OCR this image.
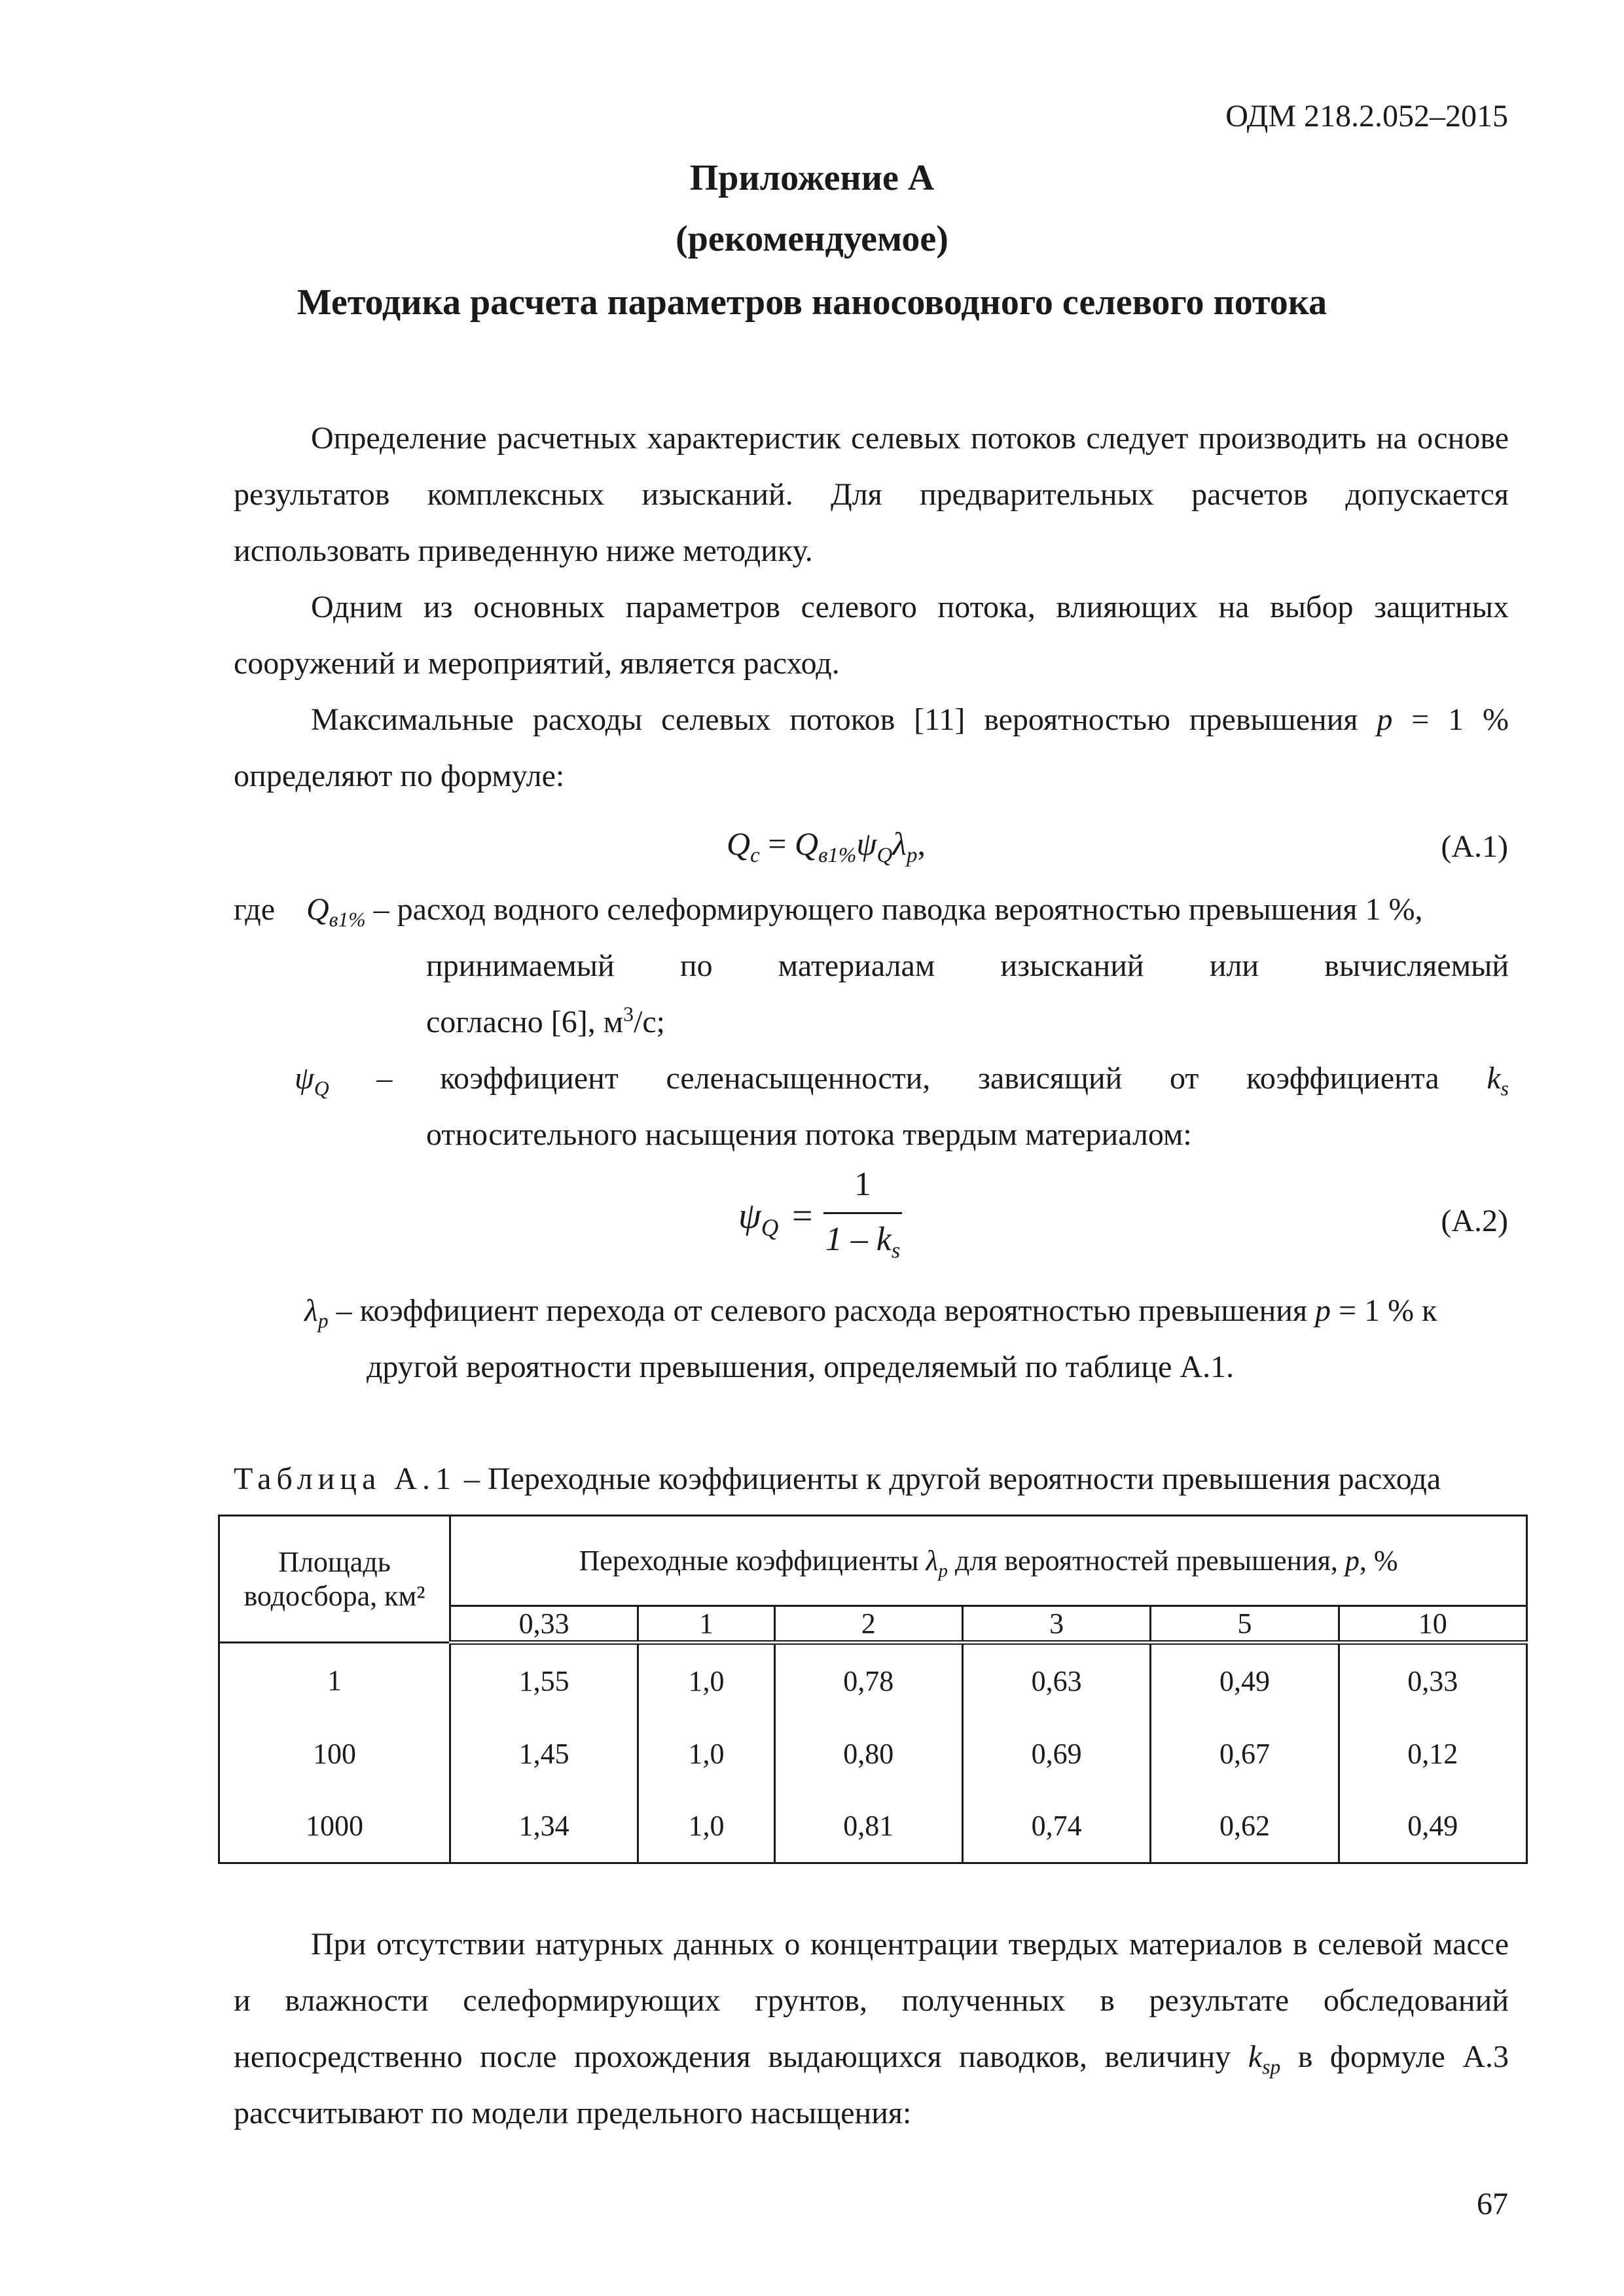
ОДМ 218.2.052–2015
Приложение А
(рекомендуемое)
Методика расчета параметров наносоводного селевого потока

Определение расчетных характеристик селевых потоков следует производить на основе результатов комплексных изысканий. Для предварительных расчетов допускается использовать приведенную ниже методику.

Одним из основных параметров селевого потока, влияющих на выбор защитных сооружений и мероприятий, является расход.

Максимальные расходы селевых потоков [11] вероятностью превышения p = 1 % определяют по формуле:

$Q_c = Q_{в1\%}\psi_Q\lambda_p$,	(А.1)
где $Q_{в1\%}$ – расход водного селеформирующего паводка вероятностью превышения 1 %,
принимаемый по материалам изысканий или вычисляемый
согласно [6], $м^3/с$;
$\psi_Q$ – коэффициент селенасыщенности, зависящий от коэффициента $k_s$
относительного насыщения потока твердым материалом:
$\psi_Q$ =
1
$1 - k_s$
(А.2)
$\lambda_p$ – коэффициент перехода от селевого расхода вероятностью превышения p = 1 % к
другой вероятности превышения, определяемый по таблице А.1.
Таблица А.1 – Переходные коэффициенты к другой вероятности превышения расхода
Площадь водосбора, км²	Переходные коэффициенты $\lambda_p$ для вероятностей превышения, p, %					
	0,33	1	2	3	5	10
1	1,55	1,0	0,78	0,63	0,49	0,33
100	1,45	1,0	0,80	0,69	0,67	0,12
1000	1,34	1,0	0,81	0,74	0,62	0,49

При отсутствии натурных данных о концентрации твердых материалов в селевой массе и влажности селеформирующих грунтов, полученных в результате обследований непосредственно после прохождения выдающихся паводков, величину $k_{sp}$ в формуле А.3 рассчитывают по модели предельного насыщения:

67
